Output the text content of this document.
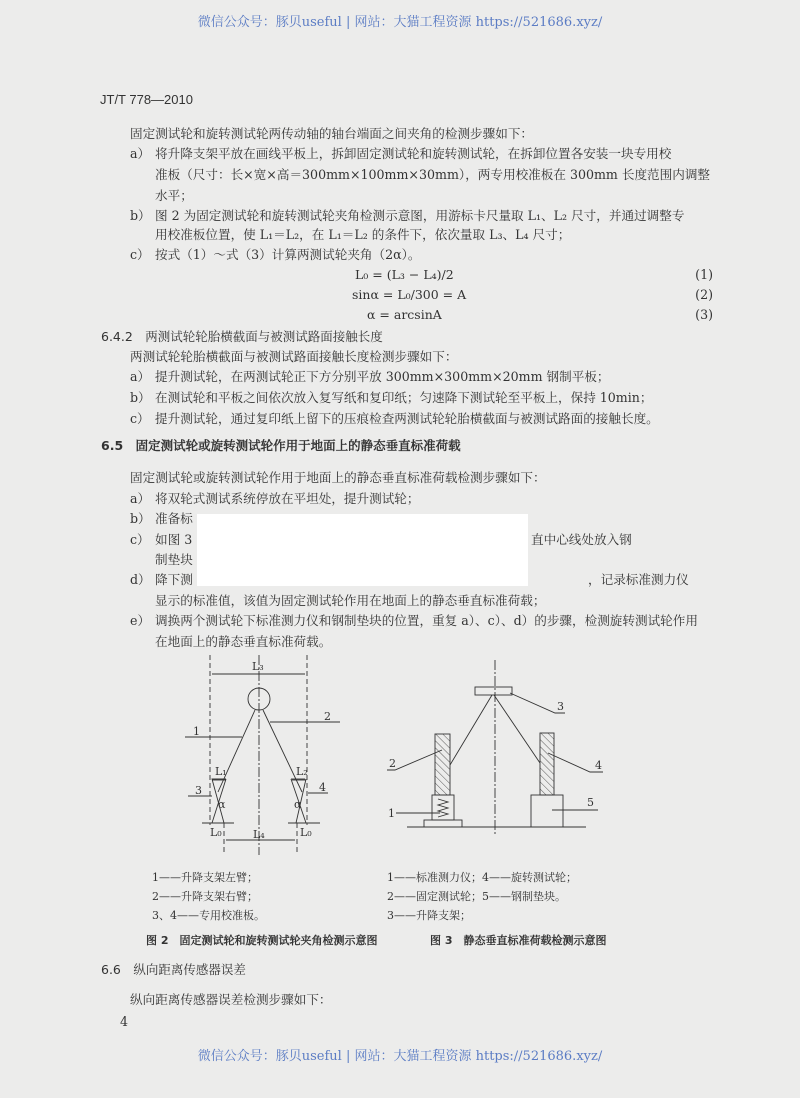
微信公众号：豚贝useful | 网站：大猫工程资源 https://521686.xyz/
JT/T 778—2010
固定测试轮和旋转测试轮两传动轴的轴台端面之间夹角的检测步骤如下：
a） 将升降支架平放在画线平板上，拆卸固定测试轮和旋转测试轮，在拆卸位置各安装一块专用校
准板（尺寸：长×宽×高＝300mm×100mm×30mm），两专用校准板在 300mm 长度范围内调整
水平；
b） 图 2 为固定测试轮和旋转测试轮夹角检测示意图，用游标卡尺量取 L₁、L₂ 尺寸，并通过调整专
用校准板位置，使 L₁＝L₂，在 L₁＝L₂ 的条件下，依次量取 L₃、L₄ 尺寸；
c） 按式（1）～式（3）计算两测试轮夹角（2α）。
L₀ = (L₃ − L₄)/2	(1)
sinα = L₀/300 = A	(2)
α = arcsinA	(3)
6.4.2　两测试轮轮胎横截面与被测试路面接触长度
两测试轮轮胎横截面与被测试路面接触长度检测步骤如下：
a） 提升测试轮，在两测试轮正下方分别平放 300mm×300mm×20mm 钢制平板；
b） 在测试轮和平板之间依次放入复写纸和复印纸；匀速降下测试轮至平板上，保持 10min；
c） 提升测试轮，通过复印纸上留下的压痕检查两测试轮轮胎横截面与被测试路面的接触长度。
6.5　固定测试轮或旋转测试轮作用于地面上的静态垂直标准荷载
固定测试轮或旋转测试轮作用于地面上的静态垂直标准荷载检测步骤如下：
a） 将双轮式测试系统停放在平坦处，提升测试轮；
b） 准备标
c） 如图 3	直中心线处放入钢
制垫块
d） 降下测	，记录标准测力仪
显示的标准值，该值为固定测试轮作用在地面上的静态垂直标准荷载；
e） 调换两个测试轮下标准测力仪和钢制垫块的位置，重复 a）、c）、d）的步骤，检测旋转测试轮作用
在地面上的静态垂直标准荷载。
L₃
L₁	L₂
L₄
L₀	L₀
α	α
1
2
3	4
3
2	4
1
5
1——升降支架左臂；
2——升降支架右臂；
3、4——专用校准板。
1——标准测力仪；4——旋转测试轮；
2——固定测试轮；5——钢制垫块。
3——升降支架；
图 2　固定测试轮和旋转测试轮夹角检测示意图	图 3　静态垂直标准荷载检测示意图
6.6　纵向距离传感器误差
纵向距离传感器误差检测步骤如下：
4
微信公众号：豚贝useful | 网站：大猫工程资源 https://521686.xyz/
